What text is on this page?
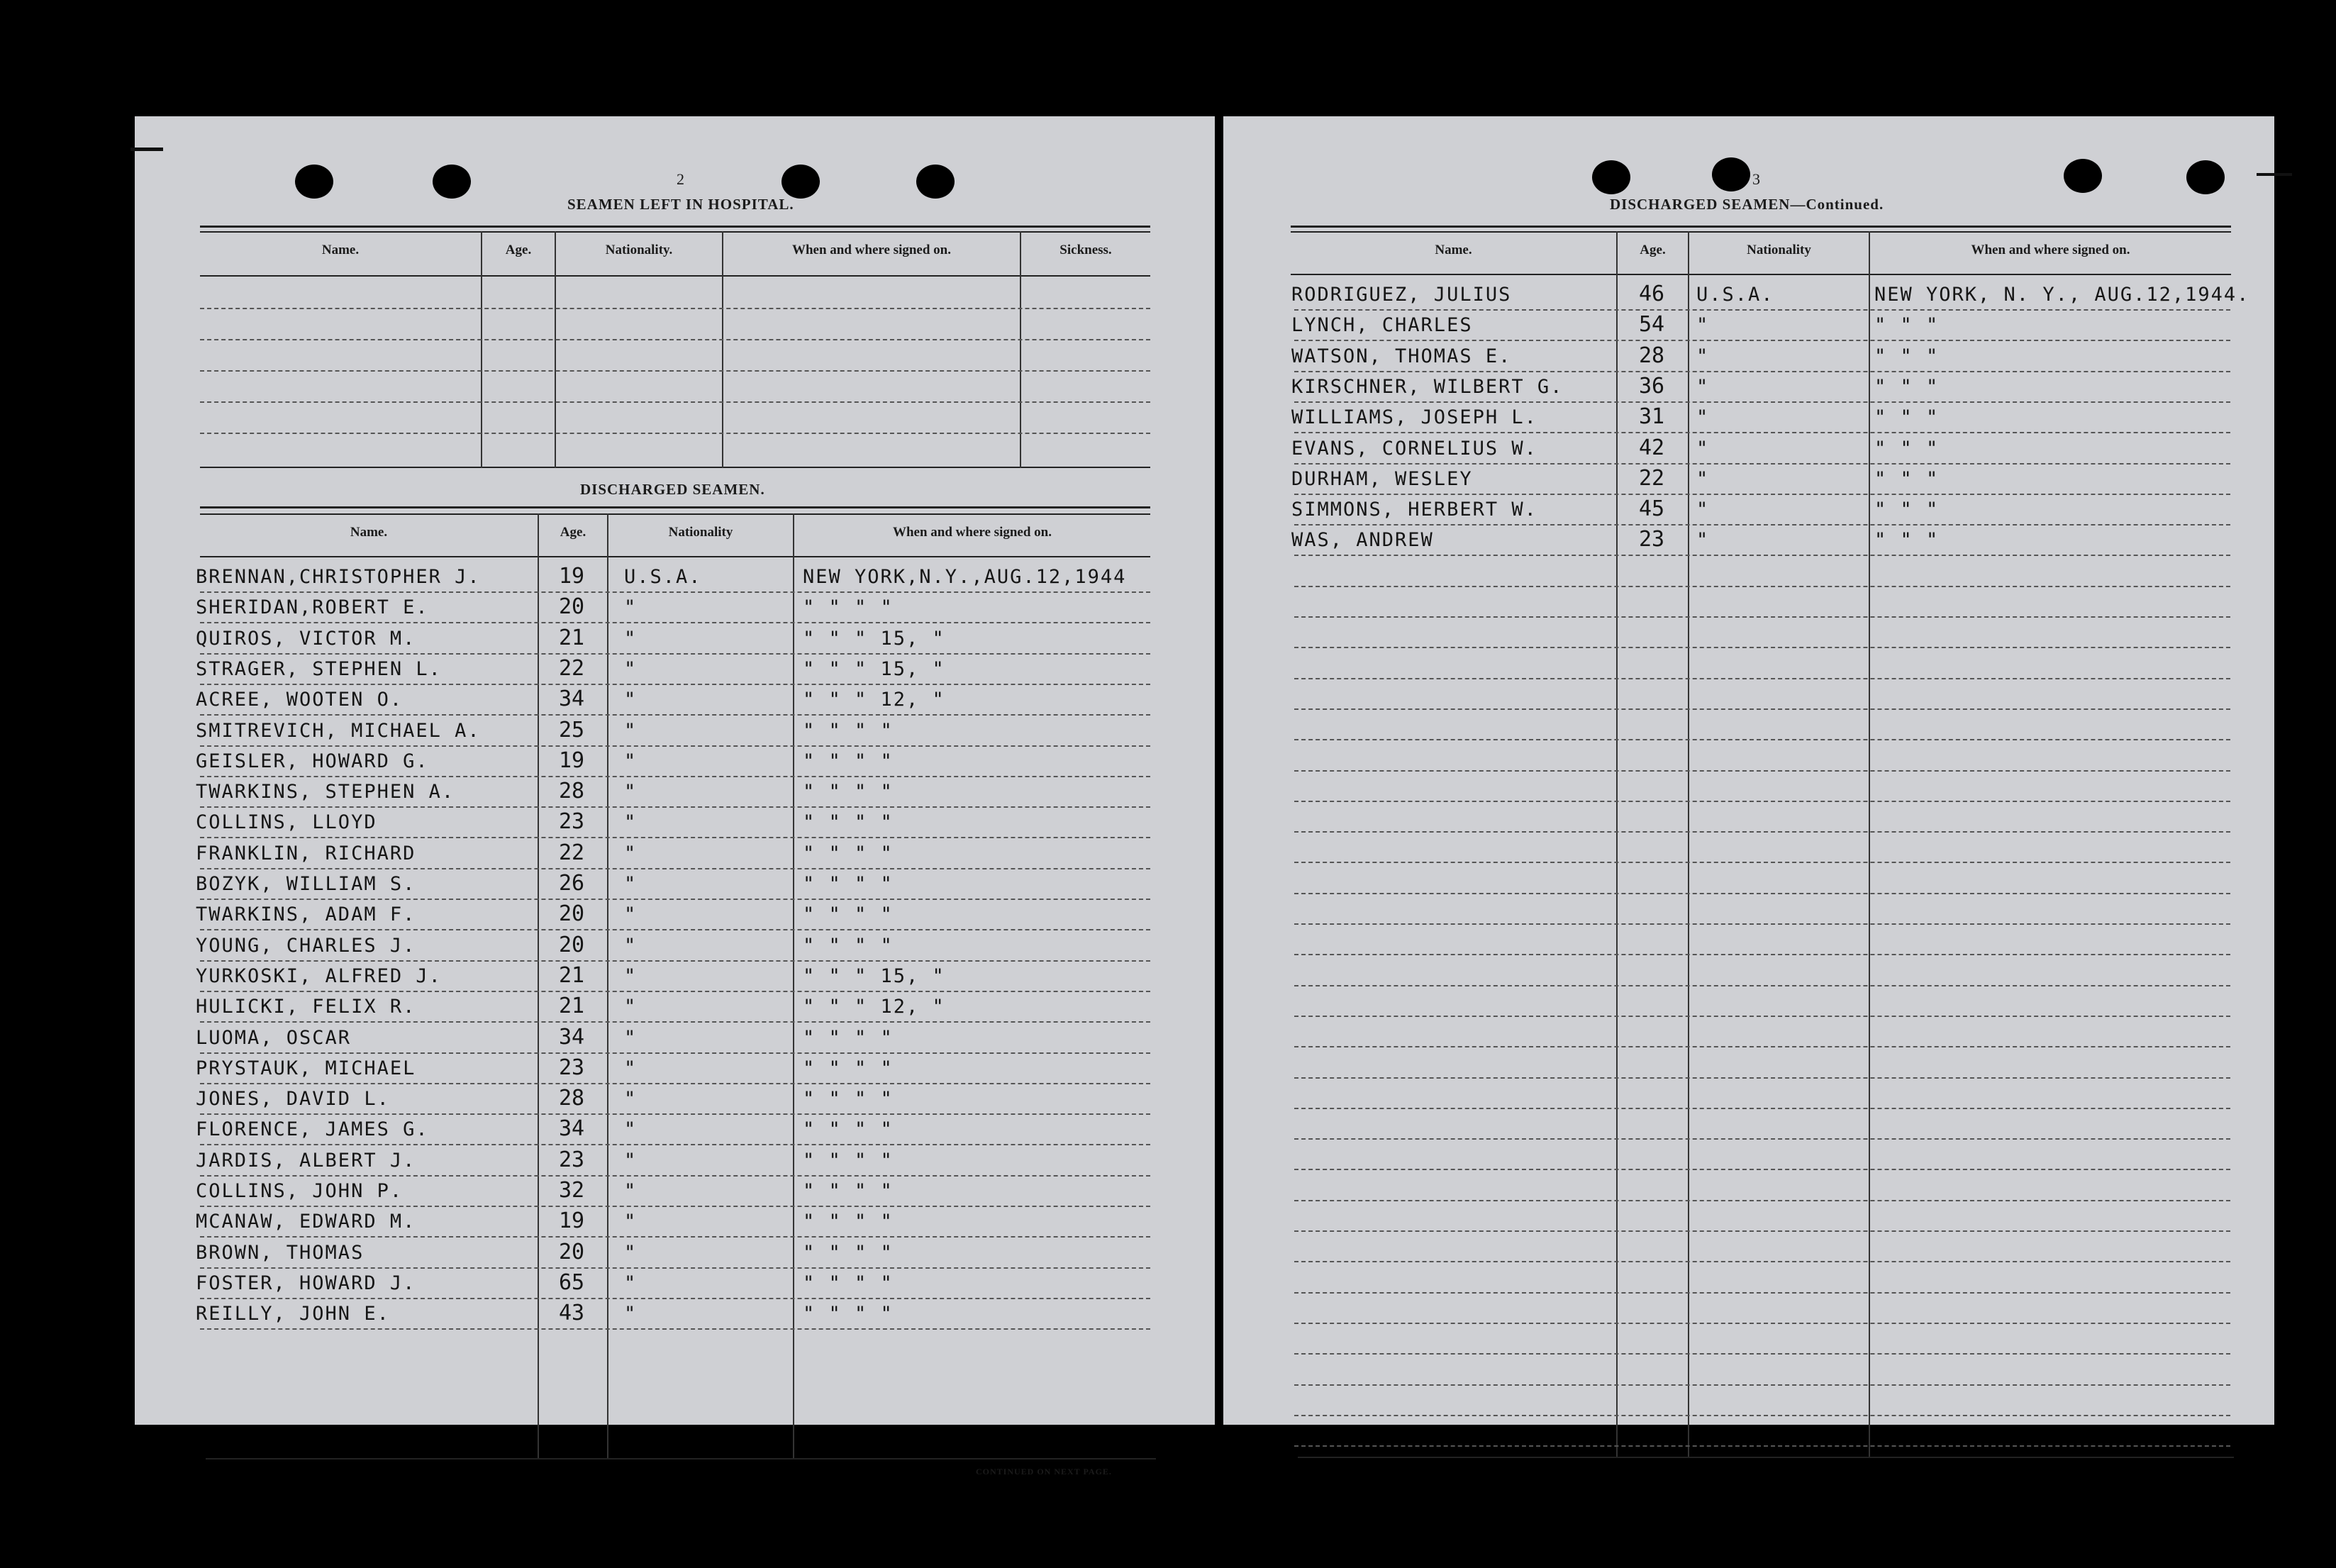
2
SEAMEN LEFT IN HOSPITAL.
Name.	Age.	Nationality.	When and where signed on.	Sickness.
DISCHARGED SEAMEN.
Name.	Age.	Nationality	When and where signed on.
BRENNAN,CHRISTOPHER J.	19 U.S.A.	NEW YORK,N.Y.,AUG.12,1944
SHERIDAN,ROBERT E.	20 "	" " " "
QUIROS, VICTOR M.	21 "	" " " 15, "
STRAGER, STEPHEN L.	22 "	" " " 15, "
ACREE, WOOTEN O.	34 "	" " " 12, "
SMITREVICH, MICHAEL A.	25 "	" " " "
GEISLER, HOWARD G.	19 "	" " " "
TWARKINS, STEPHEN A.	28 "	" " " "
COLLINS, LLOYD	23 "	" " " "
FRANKLIN, RICHARD	22 "	" " " "
BOZYK, WILLIAM S.	26 "	" " " "
TWARKINS, ADAM F.	20 "	" " " "
YOUNG, CHARLES J.	20 "	" " " "
YURKOSKI, ALFRED J.	21 "	" " " 15, "
HULICKI, FELIX R.	21 "	" " " 12, "
LUOMA, OSCAR	34 "	" " " "
PRYSTAUK, MICHAEL	23 "	" " " "
JONES, DAVID L.	28 "	" " " "
FLORENCE, JAMES G.	34 "	" " " "
JARDIS, ALBERT J.	23 "	" " " "
COLLINS, JOHN P.	32 "	" " " "
MCANAW, EDWARD M.	19 "	" " " "
BROWN, THOMAS	20 "	" " " "
FOSTER, HOWARD J.	65 "	" " " "
REILLY, JOHN E.	43 "	" " " "
CONTINUED ON NEXT PAGE.
3
DISCHARGED SEAMEN—Continued.
Name.	Age.	Nationality	When and where signed on.
RODRIGUEZ, JULIUS	46 U.S.A.	NEW YORK, N. Y., AUG.12,1944.
LYNCH, CHARLES	54 "	" " "
WATSON, THOMAS E.	28 "	" " "
KIRSCHNER, WILBERT G.	36 "	" " "
WILLIAMS, JOSEPH L.	31 "	" " "
EVANS, CORNELIUS W.	42 "	" " "
DURHAM, WESLEY	22 "	" " "
SIMMONS, HERBERT W.	45 "	" " "
WAS, ANDREW	23 "	" " "
